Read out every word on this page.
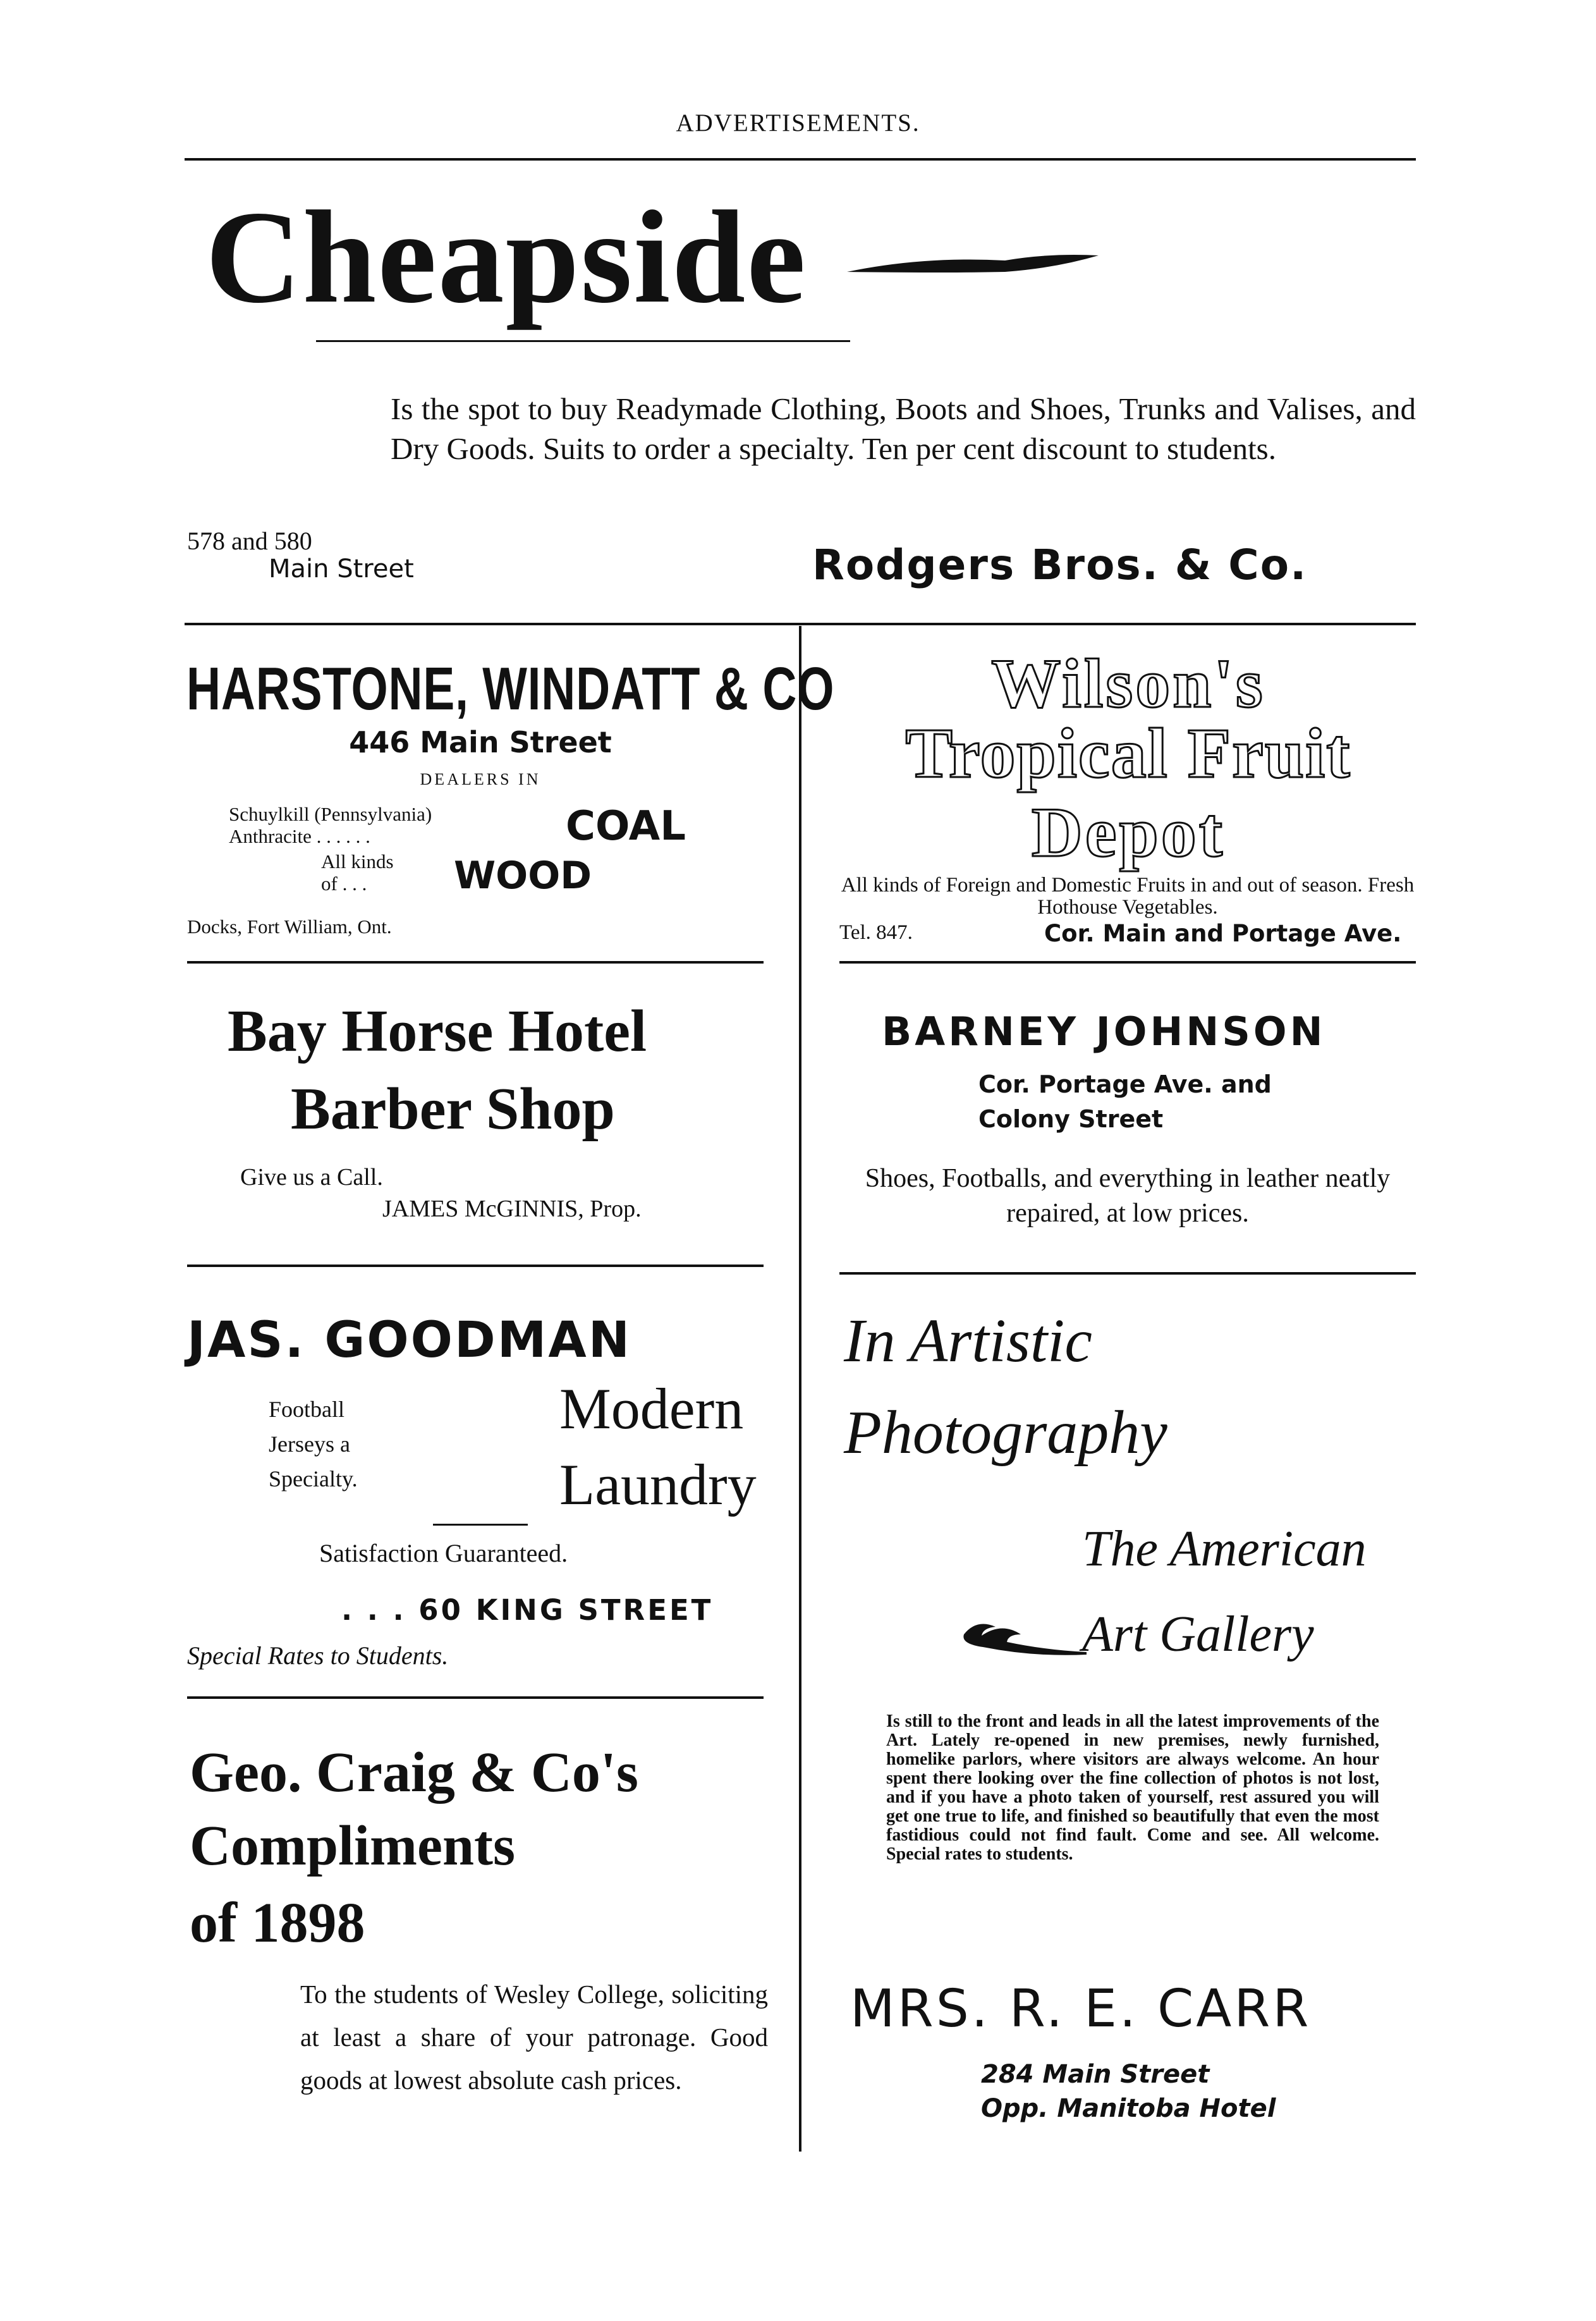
ADVERTISEMENTS.
Cheapside
Is the spot to buy Readymade Clothing, Boots and Shoes, Trunks and Valises, and Dry Goods. Suits to order a specialty. Ten per cent discount to students.
578 and 580
Main Street	Rodgers Bros. & Co.
HARSTONE, WINDATT & CO
446 Main Street
DEALERS IN
Schuylkill (Pennsylvania)
Anthracite . . . . . .	COAL
All kinds
of . . . WOOD
Docks, Fort William, Ont.
Wilson's
Tropical Fruit
Depot
All kinds of Foreign and Domestic Fruits in and out of season. Fresh Hothouse Vegetables.
Tel. 847.	Cor. Main and Portage Ave.
Bay Horse Hotel
Barber Shop
Give us a Call.
JAMES McGINNIS, Prop.
BARNEY JOHNSON
Cor. Portage Ave. and
Colony Street
Shoes, Footballs, and everything in leather neatly repaired, at low prices.
JAS. GOODMAN
Football
Jerseys a
Specialty.
Modern
Laundry
Satisfaction Guaranteed.
. . . 60 KING STREET
Special Rates to Students.
In Artistic
Photography
The American
Art Gallery
Is still to the front and leads in all the latest improvements of the Art. Lately re-opened in new premises, newly furnished, homelike parlors, where visitors are always welcome. An hour spent there looking over the fine collection of photos is not lost, and if you have a photo taken of yourself, rest assured you will get one true to life, and finished so beautifully that even the most fastidious could not find fault. Come and see. All welcome. Special rates to students.
MRS. R. E. CARR
284 Main Street
Opp. Manitoba Hotel
Geo. Craig & Co's
Compliments
of 1898
To the students of Wesley College, soliciting at least a share of your patronage. Good goods at lowest absolute cash prices.
